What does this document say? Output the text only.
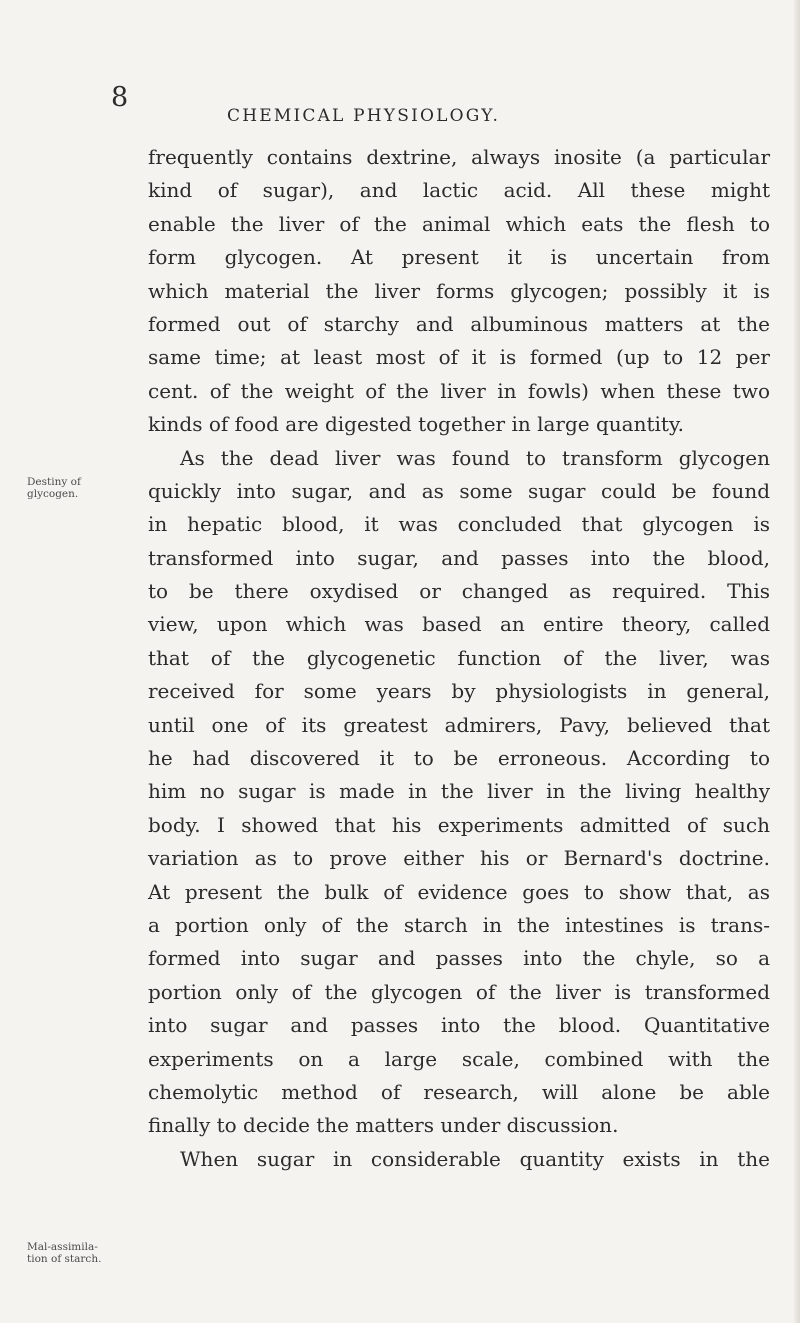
8
CHEMICAL PHYSIOLOGY.
Destiny of
glycogen.
Mal-assimila-
tion of starch.
frequently contains dextrine, always inosite (a particular
kind of sugar), and lactic acid. All these might
enable the liver of the animal which eats the flesh to
form glycogen. At present it is uncertain from
which material the liver forms glycogen; possibly it is
formed out of starchy and albuminous matters at the
same time; at least most of it is formed (up to 12 per
cent. of the weight of the liver in fowls) when these two
kinds of food are digested together in large quantity.
As the dead liver was found to transform glycogen
quickly into sugar, and as some sugar could be found
in hepatic blood, it was concluded that glycogen is
transformed into sugar, and passes into the blood,
to be there oxydised or changed as required. This
view, upon which was based an entire theory, called
that of the glycogenetic function of the liver, was
received for some years by physiologists in general,
until one of its greatest admirers, Pavy, believed that
he had discovered it to be erroneous. According to
him no sugar is made in the liver in the living healthy
body. I showed that his experiments admitted of such
variation as to prove either his or Bernard's doctrine.
At present the bulk of evidence goes to show that, as
a portion only of the starch in the intestines is trans-
formed into sugar and passes into the chyle, so a
portion only of the glycogen of the liver is transformed
into sugar and passes into the blood. Quantitative
experiments on a large scale, combined with the
chemolytic method of research, will alone be able
finally to decide the matters under discussion.
When sugar in considerable quantity exists in the
